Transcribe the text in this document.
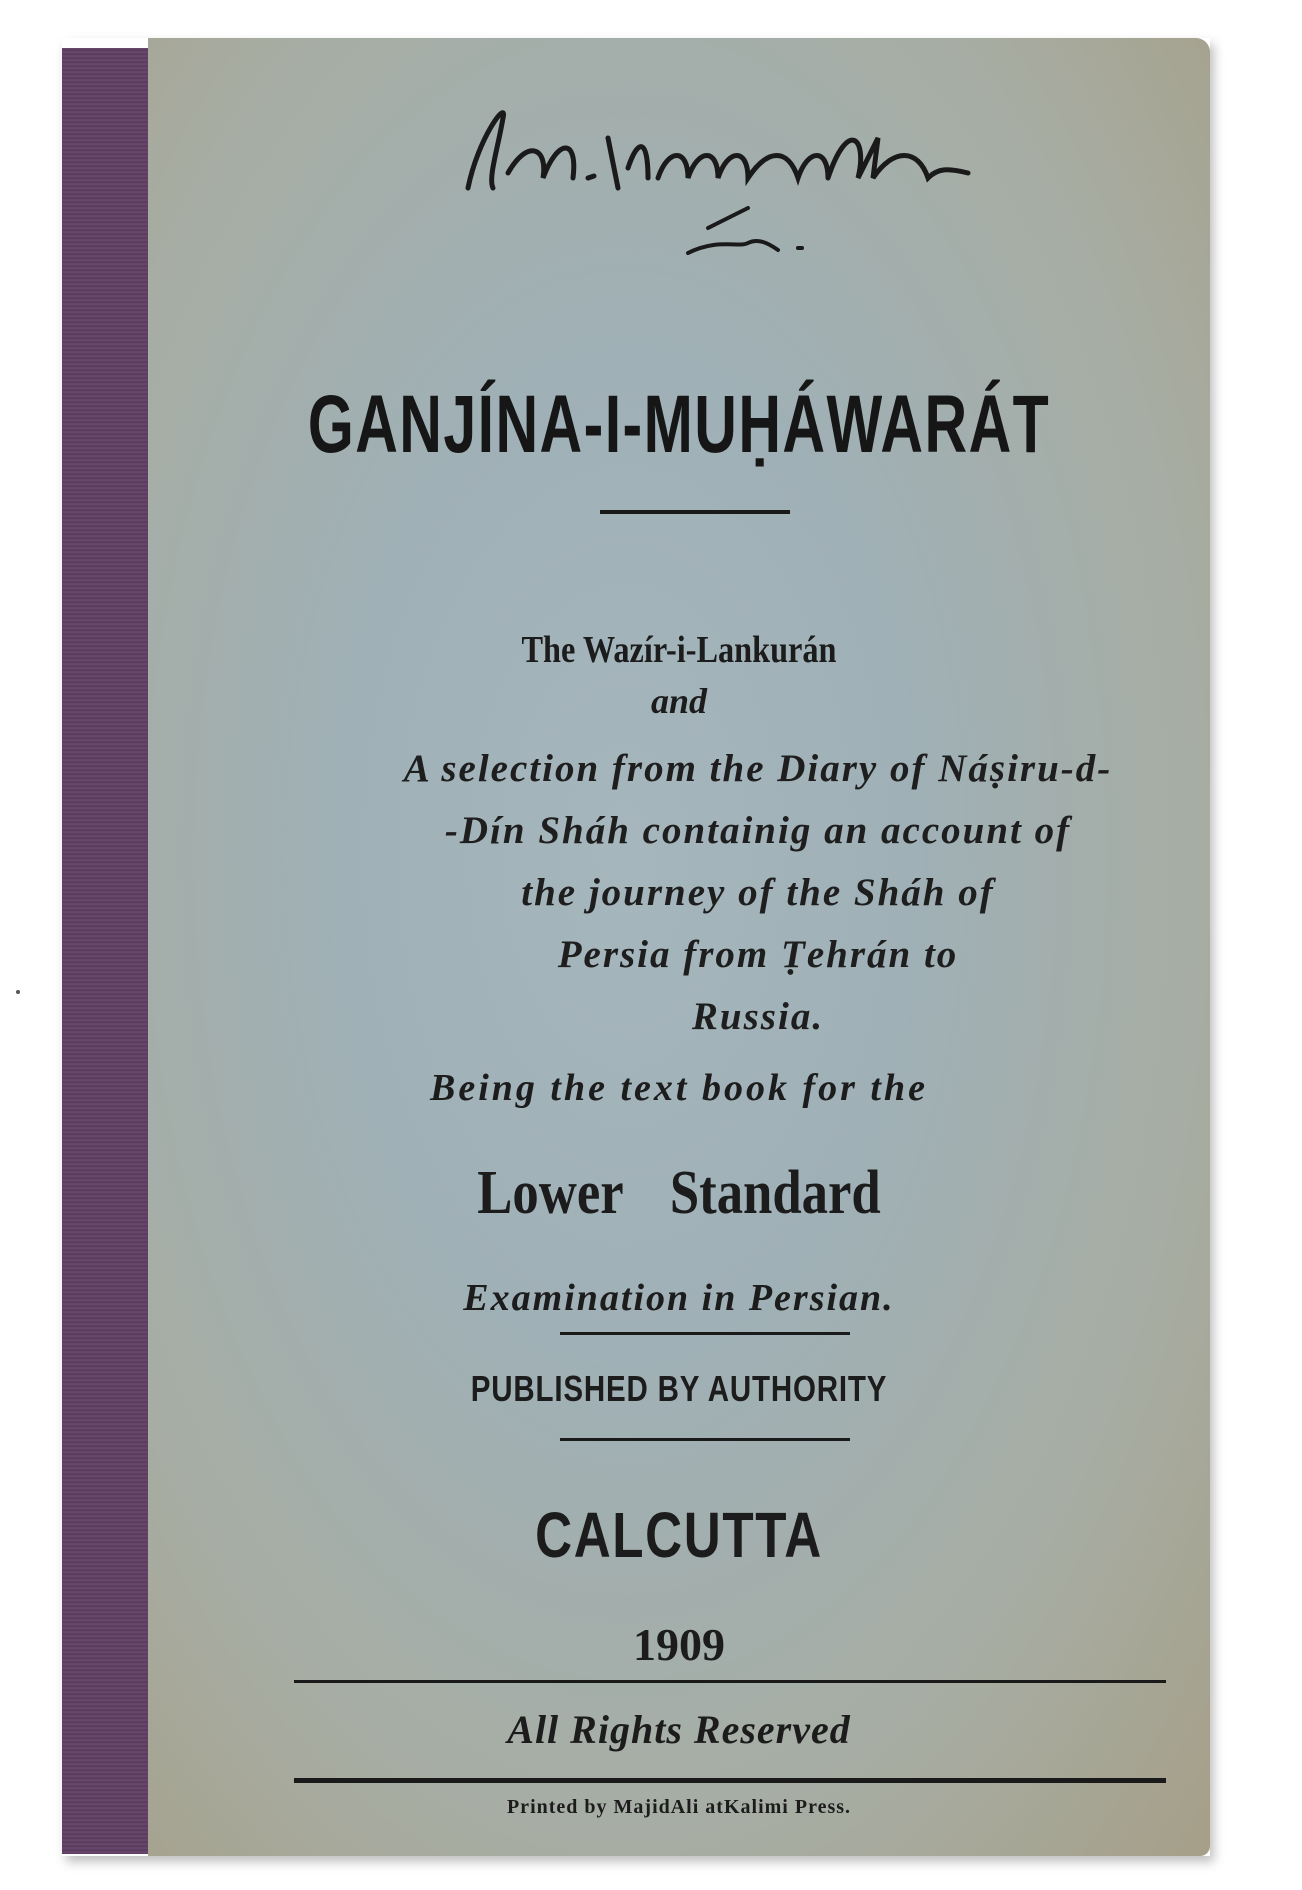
GANJÍNA-I-MUḤÁWARÁT
The Wazír-i-Lankurán
and
A selection from the Diary of Náṣiru-d-
-Dín Sháh containig an account of
the journey of the Sháh of
Persia from Ṭehrán to
Russia.
Being the text book for the
Lower Standard
Examination in Persian.
PUBLISHED BY AUTHORITY
CALCUTTA
1909
All Rights Reserved
Printed by MajidAli atKalimi Press.
